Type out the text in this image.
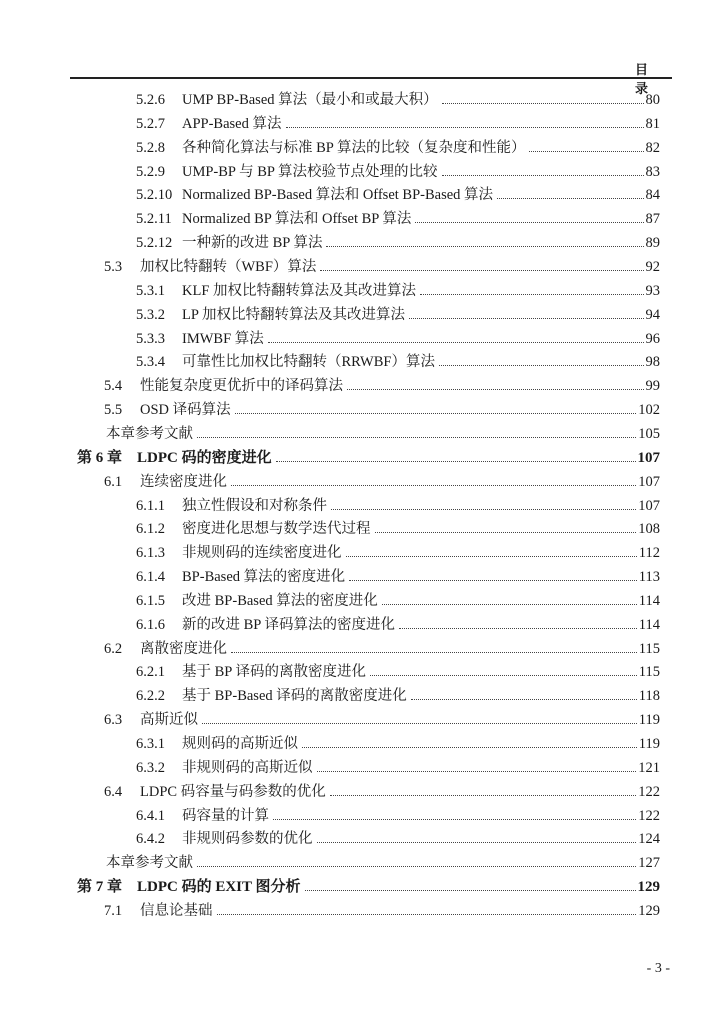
目 录
5.2.6	UMP BP-Based 算法（最小和或最大积）	80
5.2.7	APP-Based 算法	81
5.2.8	各种简化算法与标准 BP 算法的比较（复杂度和性能）	82
5.2.9	UMP-BP 与 BP 算法校验节点处理的比较	83
5.2.10 Normalized BP-Based 算法和 Offset BP-Based 算法	84
5.2.11 Normalized BP 算法和 Offset BP 算法	87
5.2.12 一种新的改进 BP 算法	89
5.3	加权比特翻转（WBF）算法	92
5.3.1	KLF 加权比特翻转算法及其改进算法	93
5.3.2	LP 加权比特翻转算法及其改进算法	94
5.3.3	IMWBF 算法	96
5.3.4	可靠性比加权比特翻转（RRWBF）算法	98
5.4	性能复杂度更优折中的译码算法	99
5.5	OSD 译码算法	102
本章参考文献	105
第 6 章 LDPC 码的密度进化	107
6.1	连续密度进化	107
6.1.1	独立性假设和对称条件	107
6.1.2	密度进化思想与数学迭代过程	108
6.1.3	非规则码的连续密度进化	112
6.1.4	BP-Based 算法的密度进化	113
6.1.5	改进 BP-Based 算法的密度进化	114
6.1.6	新的改进 BP 译码算法的密度进化	114
6.2	离散密度进化	115
6.2.1	基于 BP 译码的离散密度进化	115
6.2.2	基于 BP-Based 译码的离散密度进化	118
6.3	高斯近似	119
6.3.1	规则码的高斯近似	119
6.3.2	非规则码的高斯近似	121
6.4	LDPC 码容量与码参数的优化	122
6.4.1	码容量的计算	122
6.4.2	非规则码参数的优化	124
本章参考文献	127
第 7 章 LDPC 码的 EXIT 图分析	129
7.1	信息论基础	129
- 3 -
